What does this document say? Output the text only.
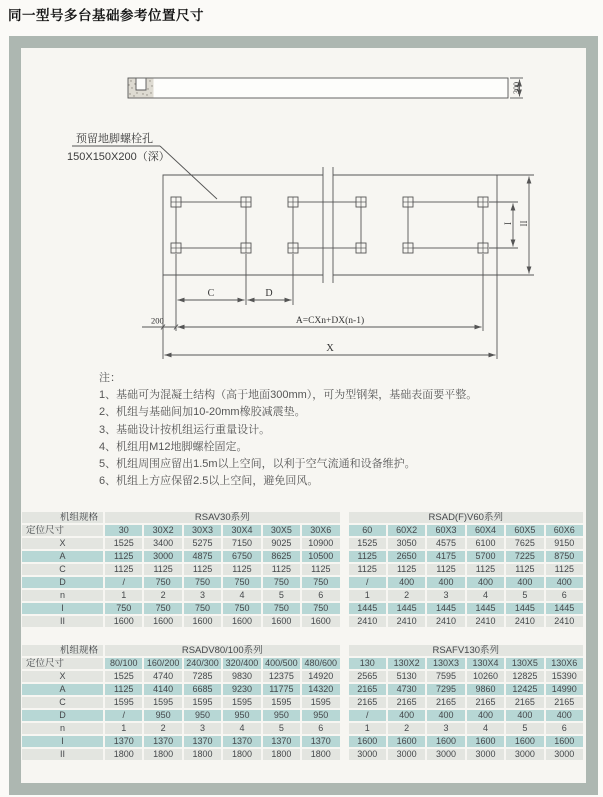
同一型号多台基础参考位置尺寸
预留地脚螺栓孔
150X150X200（深）
300
200
C	D
A=CXn+DX(n-1)
X
I II
注：
1、基础可为混凝土结构（高于地面300mm），可为型钢架，基础表面要平整。
2、机组与基础间加10-20mm橡胶减震垫。
3、基础设计按机组运行重量设计。
4、机组用M12地脚螺栓固定。
5、机组周围应留出1.5m以上空间，以利于空气流通和设备维护。
6、机组上方应保留2.5以上空间，避免回风。
机组规格	RSAV30系列	RSAD(F)V60系列
定位尺寸	30	30X2	30X3	30X4	30X5	30X6	60	60X2	60X3	60X4	60X5	60X6
X	1525	3400	5275	7150	9025	10900	1525	3050	4575	6100	7625	9150
A	1125	3000	4875	6750	8625	10500	1125	2650	4175	5700	7225	8750
C	1125	1125	1125	1125	1125	1125	1125	1125	1125	1125	1125	1125
D	/	750	750	750	750	750	/	400	400	400	400	400
n	1	2	3	4	5	6	1	2	3	4	5	6
I	750	750	750	750	750	750	1445	1445	1445	1445	1445	1445
II	1600	1600	1600	1600	1600	1600	2410	2410	2410	2410	2410	2410
机组规格	RSADV80/100系列	RSAFV130系列
定位尺寸	80/100	160/200 240/300 320/400 400/500 480/600	130	130X2	130X3	130X4	130X5	130X6
X	1525	4740	7285	9830	12375	14920	2565	5130	7595	10260	12825	15390
A	1125	4140	6685	9230	11775	14320	2165	4730	7295	9860	12425	14990
C	1595	1595	1595	1595	1595	1595	2165	2165	2165	2165	2165	2165
D	/	950	950	950	950	950	/	400	400	400	400	400
n	1	2	3	4	5	6	1	2	3	4	5	6
I	1370	1370	1370	1370	1370	1370	1600	1600	1600	1600	1600	1600
II	1800	1800	1800	1800	1800	1800	3000	3000	3000	3000	3000	3000
